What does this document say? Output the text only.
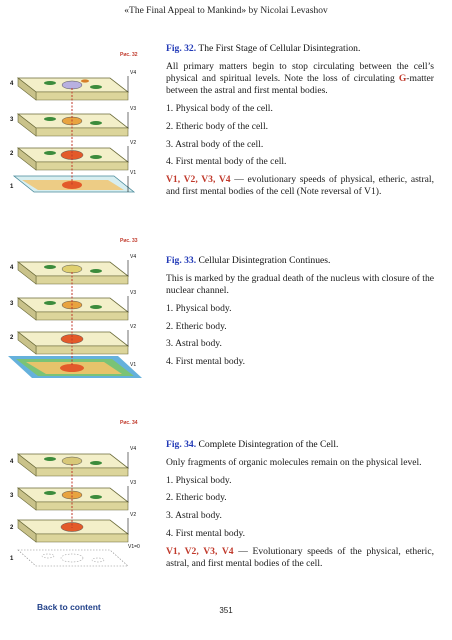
«The Final Appeal to Mankind» by Nicolai Levashov
Рис. 32
4
3
2
1
V4
V3
V2
V1
Рис. 33
4
3
2
V4
V3
V2
V1
Рис. 34
4
3
2
1
V4
V3
V2
V1=0

Fig. 32. The First Stage of Cellular Disintegration.

All primary matters begin to stop circulating between the cell’s physical and spiritual levels. Note the loss of circulating G-matter between the astral and first mental bodies.

1. Physical body of the cell.

2. Etheric body of the cell.

3. Astral body of the cell.

4. First mental body of the cell.

V1, V2, V3, V4 — evolutionary speeds of physical, etheric, astral, and first mental bodies of the cell (Note reversal of V1).

Fig. 33. Cellular Disintegration Continues.

This is marked by the gradual death of the nucleus with closure of the nuclear channel.

1. Physical body.

2. Etheric body.

3. Astral body.

4. First mental body.

Fig. 34. Complete Disintegration of the Cell.

Only fragments of organic molecules remain on the physical level.

1. Physical body.

2. Etheric body.

3. Astral body.

4. First mental body.

V1, V2, V3, V4 — Evolutionary speeds of the physical, etheric, astral, and first mental bodies of the cell.

Back to content	351
